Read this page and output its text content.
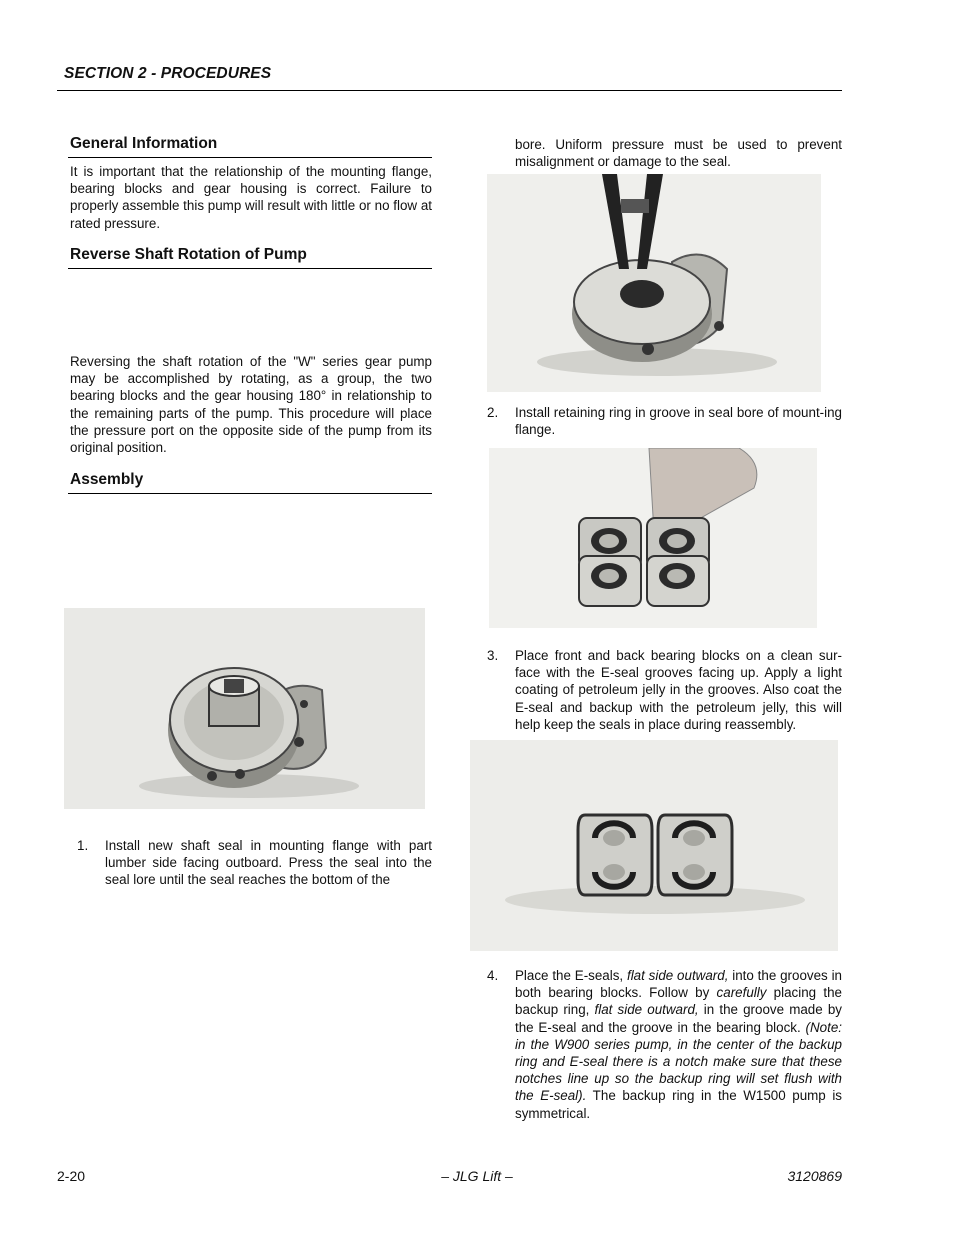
SECTION 2 - PROCEDURES
General Information
It is important that the relationship of the mounting flange, bearing blocks and gear housing is correct. Failure to properly assemble this pump will result with little or no flow at rated pressure.
Reverse Shaft Rotation of Pump
Reversing the shaft rotation of the "W" series gear pump may be accomplished by rotating, as a group, the two bearing blocks and the gear housing 180° in relationship to the remaining parts of the pump. This procedure will place the pressure port on the opposite side of the pump from its original position.
Assembly
1. Install new shaft seal in mounting flange with part lumber side facing outboard. Press the seal into the seal lore until the seal reaches the bottom of the
bore. Uniform pressure must be used to prevent misalignment or damage to the seal.
2. Install retaining ring in groove in seal bore of mount-ing flange.
3. Place front and back bearing blocks on a clean sur-face with the E-seal grooves facing up. Apply a light coating of petroleum jelly in the grooves. Also coat the E-seal and backup with the petroleum jelly, this will help keep the seals in place during reassembly.
4. Place the E-seals, flat side outward, into the grooves in both bearing blocks. Follow by carefully placing the backup ring, flat side outward, in the groove made by the E-seal and the groove in the bearing block. (Note: in the W900 series pump, in the center of the backup ring and E-seal there is a notch make sure that these notches line up so the backup ring will set flush with the E-seal). The backup ring in the W1500 pump is symmetrical.
2-20	– JLG Lift –	3120869
